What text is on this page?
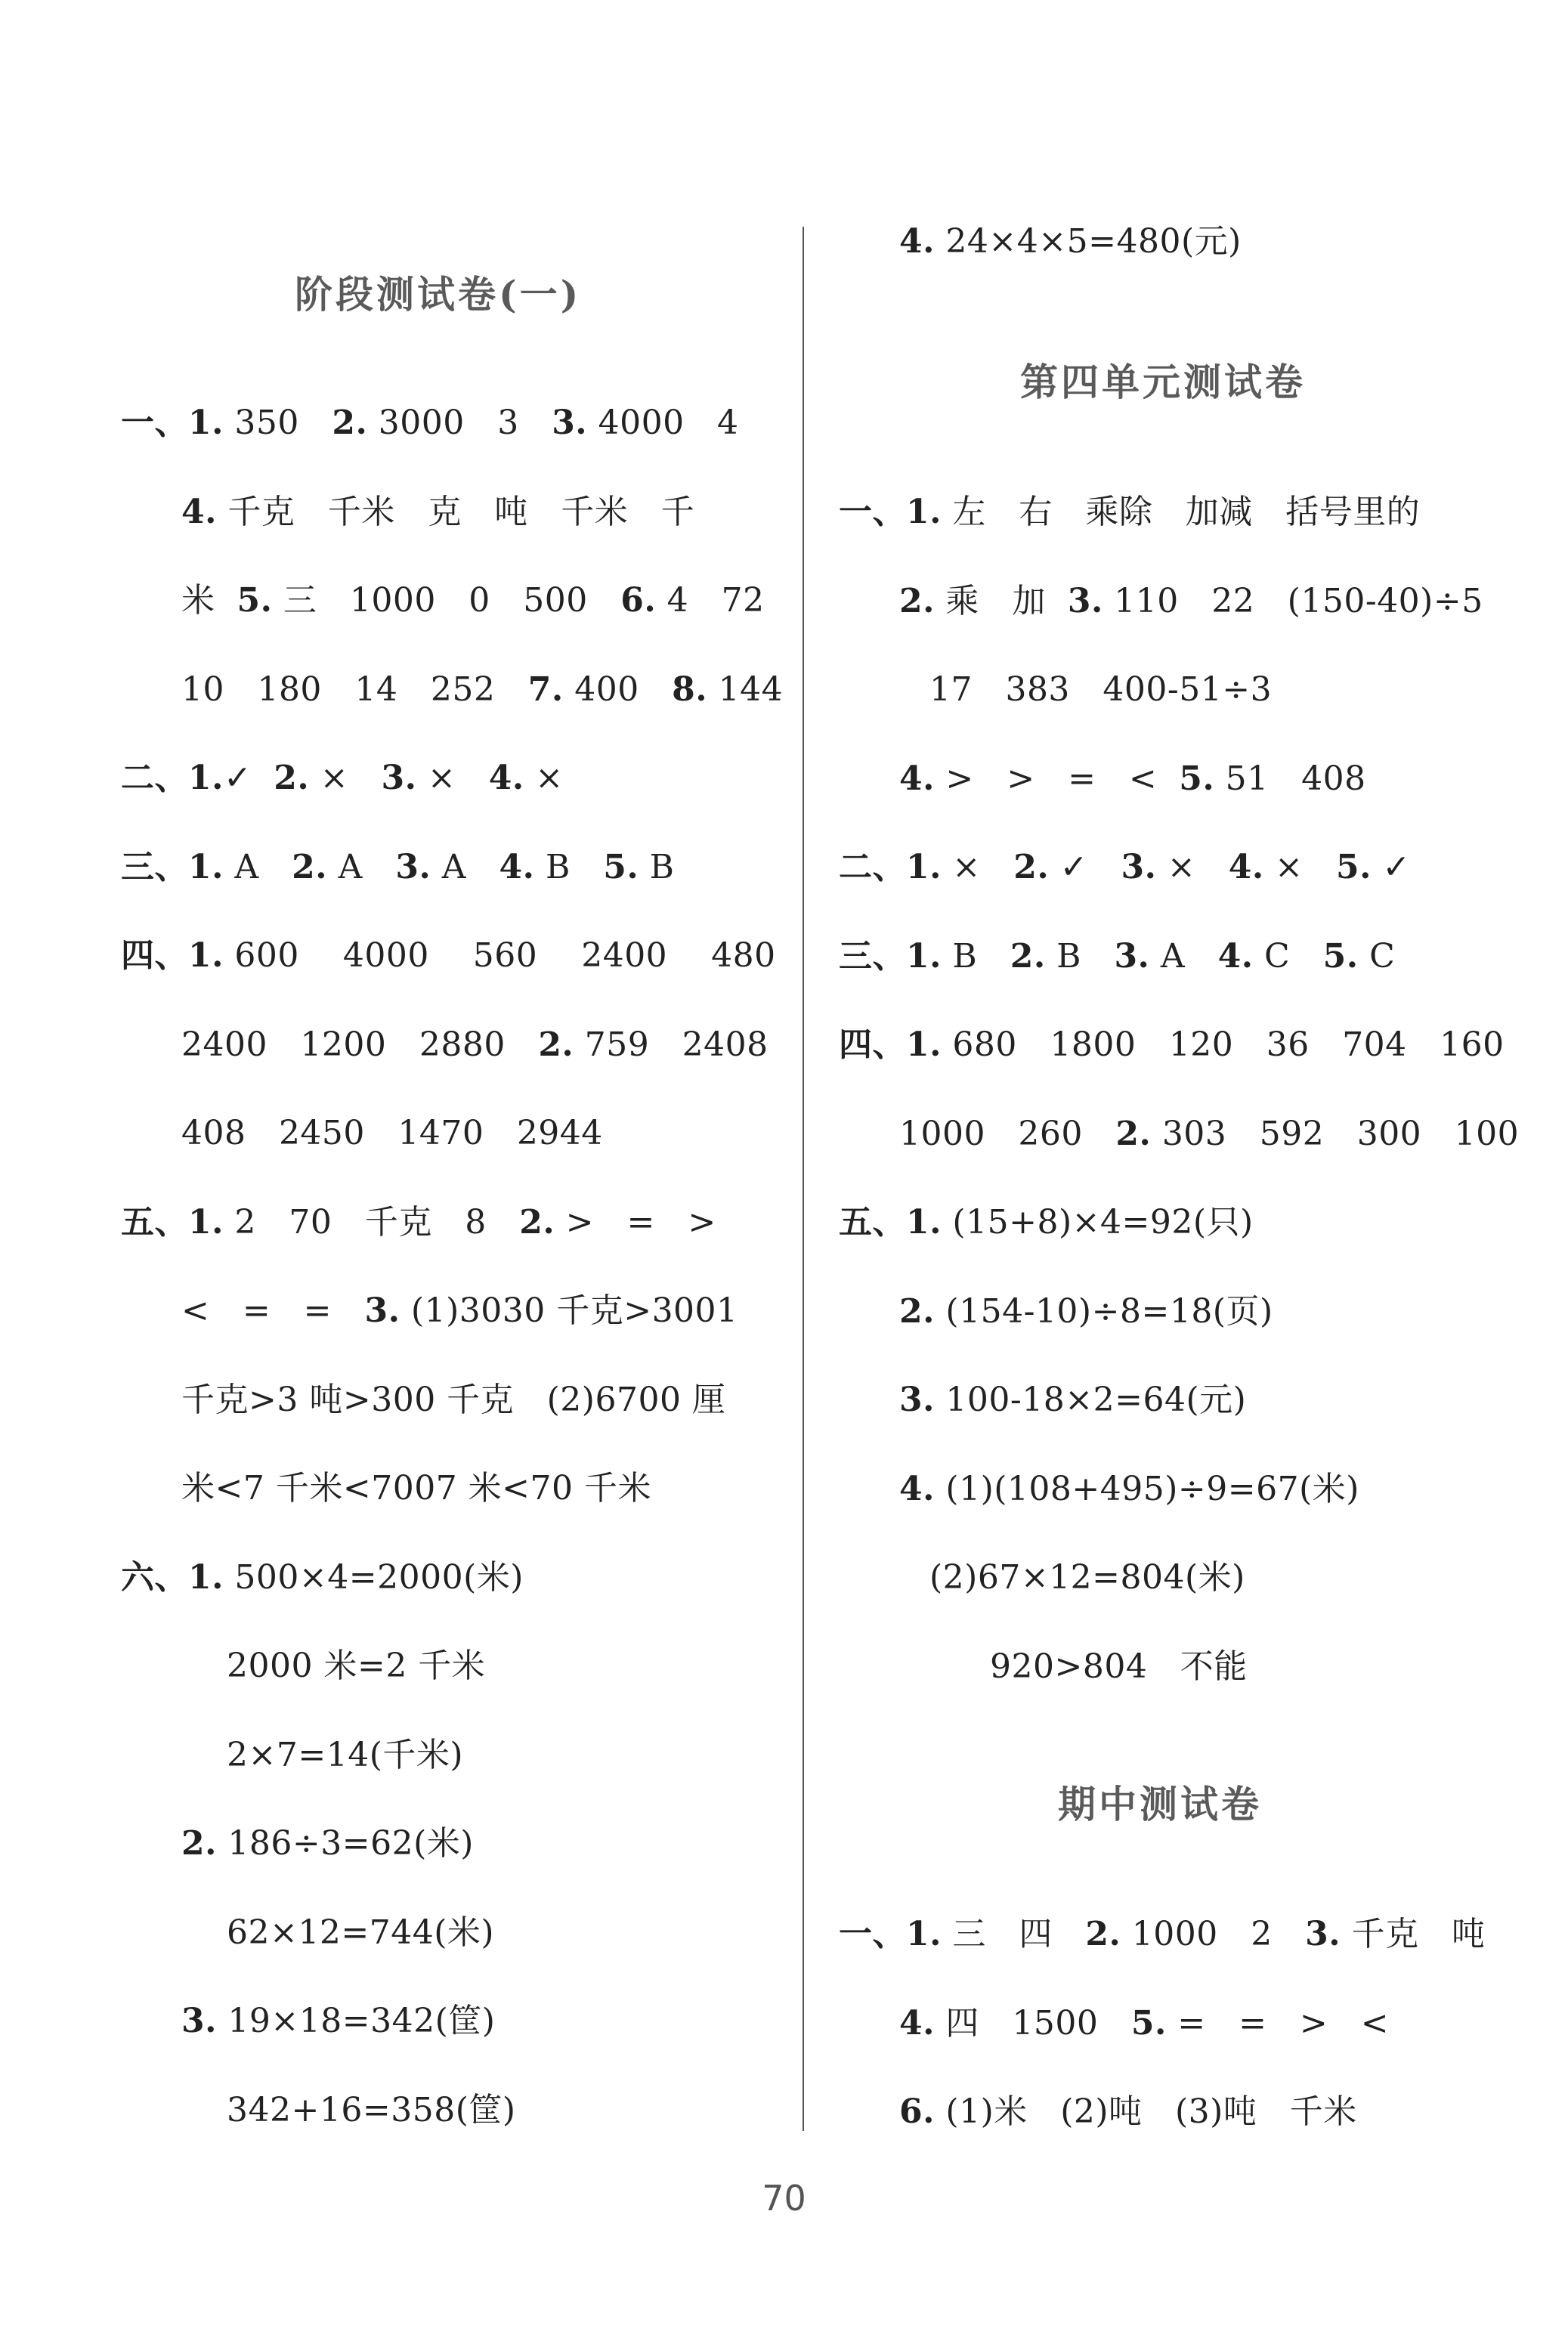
阶段测试卷(一)
一、1. 350   2. 3000   3   3. 4000   4
4. 千克   千米   克   吨   千米   千
米  5. 三   1000   0   500   6. 4   72
10   180   14   252   7. 400   8. 144
二、1.✓  2. ×   3. ×   4. ×
三、1. A   2. A   3. A   4. B   5. B
四、1. 600    4000    560    2400    480
2400   1200   2880   2. 759   2408
408   2450   1470   2944
五、1. 2   70   千克   8   2. >   =   >
<   =   =   3. (1)3030 千克>3001
千克>3 吨>300 千克   (2)6700 厘
米<7 千米<7007 米<70 千米
六、1. 500×4=2000(米)
2000 米=2 千米
2×7=14(千米)
2. 186÷3=62(米)
62×12=744(米)
3. 19×18=342(筐)
342+16=358(筐)
4. 24×4×5=480(元)
第四单元测试卷
一、1. 左   右   乘除   加减   括号里的
2. 乘   加  3. 110   22   (150-40)÷5
17   383   400-51÷3
4. >   >   =   <  5. 51   408
二、1. ×   2. ✓   3. ×   4. ×   5. ✓
三、1. B   2. B   3. A   4. C   5. C
四、1. 680   1800   120   36   704   160
1000   260   2. 303   592   300   100
五、1. (15+8)×4=92(只)
2. (154-10)÷8=18(页)
3. 100-18×2=64(元)
4. (1)(108+495)÷9=67(米)
(2)67×12=804(米)
920>804   不能
期中测试卷
一、1. 三   四   2. 1000   2   3. 千克   吨
4. 四   1500   5. =   =   >   <
6. (1)米   (2)吨   (3)吨   千米
70
